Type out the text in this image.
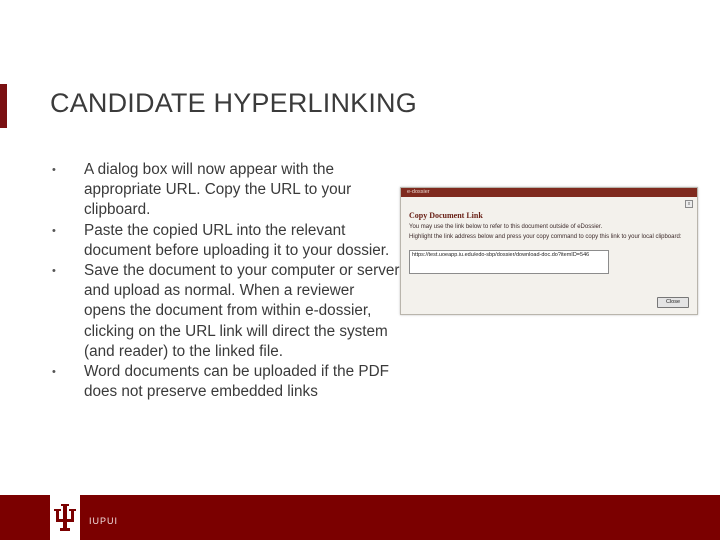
CANDIDATE HYPERLINKING
• A dialog box will now appear with the appropriate URL. Copy the URL to your clipboard.
• Paste the copied URL into the relevant document before uploading it to your dossier.
• Save the document to your computer or server and upload as normal. When a reviewer opens the document from within e-dossier, clicking on the URL link will direct the system (and reader) to the linked file.
• Word documents can be uploaded if the PDF does not preserve embedded links
e-dossier
x
Copy Document Link
You may use the link below to refer to this document outside of eDossier.
Highlight the link address below and press your copy command to copy this link to your local clipboard:
https://test.uoeapp.iu.edu/edo-sbp/dossier/download-doc.do?itemID=546
Close
IUPUI
